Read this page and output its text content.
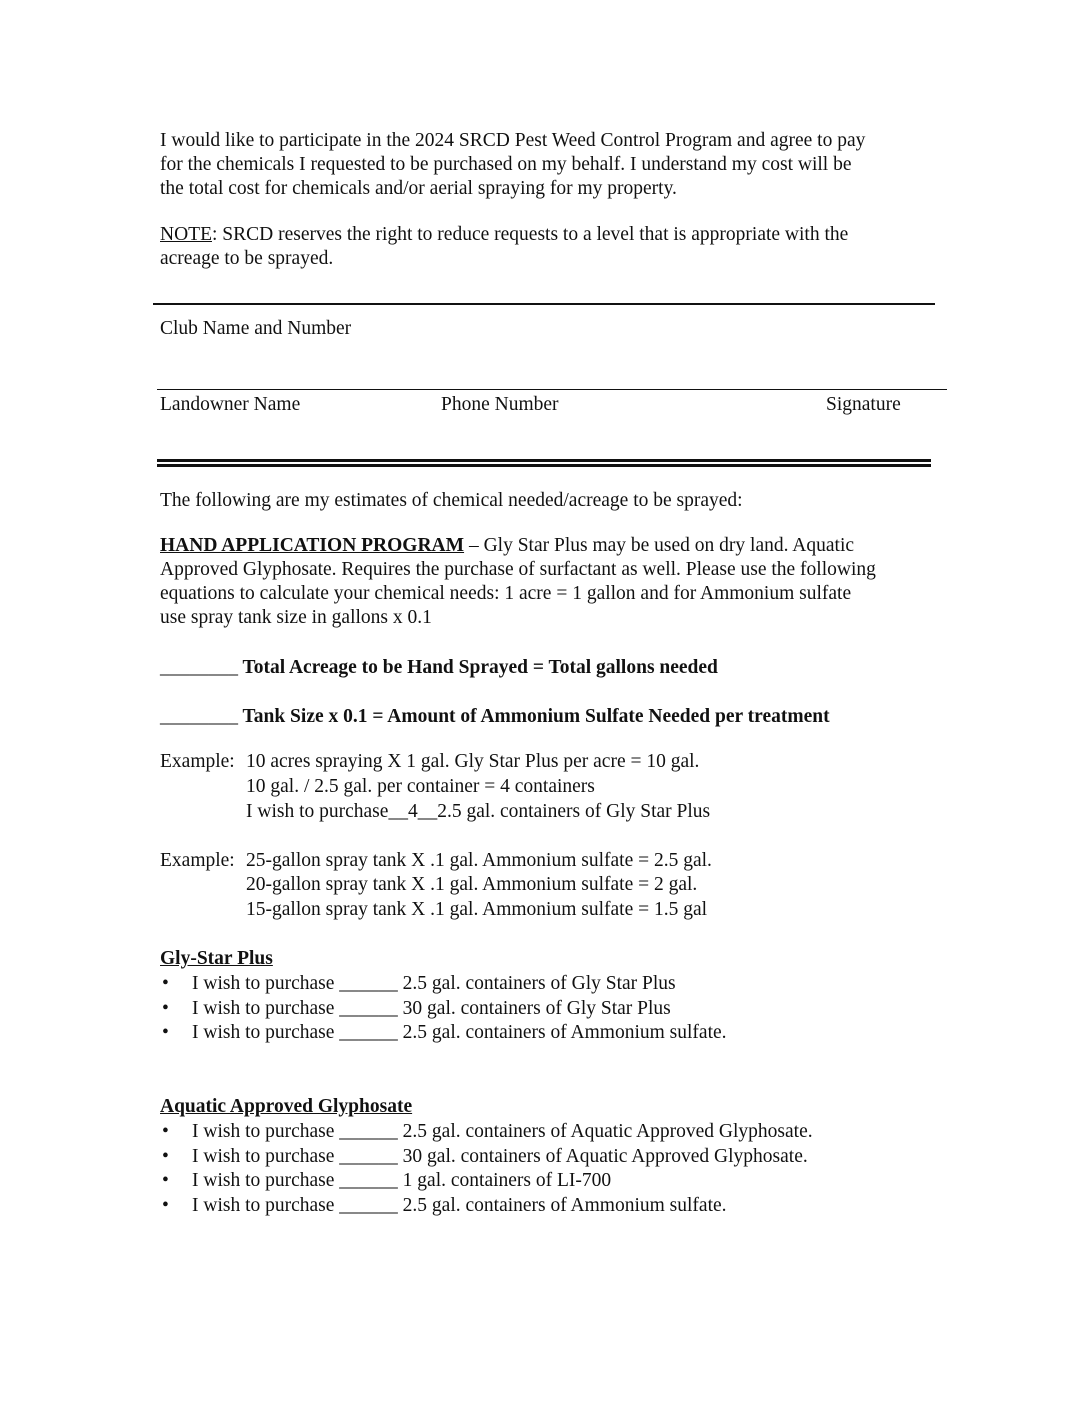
I would like to participate in the 2024 SRCD Pest Weed Control Program and agree to pay
for the chemicals I requested to be purchased on my behalf. I understand my cost will be
the total cost for chemicals and/or aerial spraying for my property.
NOTE: SRCD reserves the right to reduce requests to a level that is appropriate with the
acreage to be sprayed.
Club Name and Number
Landowner Name	Phone Number	Signature
The following are my estimates of chemical needed/acreage to be sprayed:
HAND APPLICATION PROGRAM – Gly Star Plus may be used on dry land. Aquatic
Approved Glyphosate. Requires the purchase of surfactant as well. Please use the following
equations to calculate your chemical needs: 1 acre = 1 gallon and for Ammonium sulfate
use spray tank size in gallons x 0.1
________ Total Acreage to be Hand Sprayed = Total gallons needed
________ Tank Size x 0.1 = Amount of Ammonium Sulfate Needed per treatment
Example: 10 acres spraying X 1 gal. Gly Star Plus per acre = 10 gal.
10 gal. / 2.5 gal. per container = 4 containers
I wish to purchase__4__2.5 gal. containers of Gly Star Plus
Example: 25-gallon spray tank X .1 gal. Ammonium sulfate = 2.5 gal.
20-gallon spray tank X .1 gal. Ammonium sulfate = 2 gal.
15-gallon spray tank X .1 gal. Ammonium sulfate = 1.5 gal
Gly-Star Plus
• I wish to purchase ______ 2.5 gal. containers of Gly Star Plus
• I wish to purchase ______ 30 gal. containers of Gly Star Plus
• I wish to purchase ______ 2.5 gal. containers of Ammonium sulfate.
Aquatic Approved Glyphosate
• I wish to purchase ______ 2.5 gal. containers of Aquatic Approved Glyphosate.
• I wish to purchase ______ 30 gal. containers of Aquatic Approved Glyphosate.
• I wish to purchase ______ 1 gal. containers of LI-700
• I wish to purchase ______ 2.5 gal. containers of Ammonium sulfate.
